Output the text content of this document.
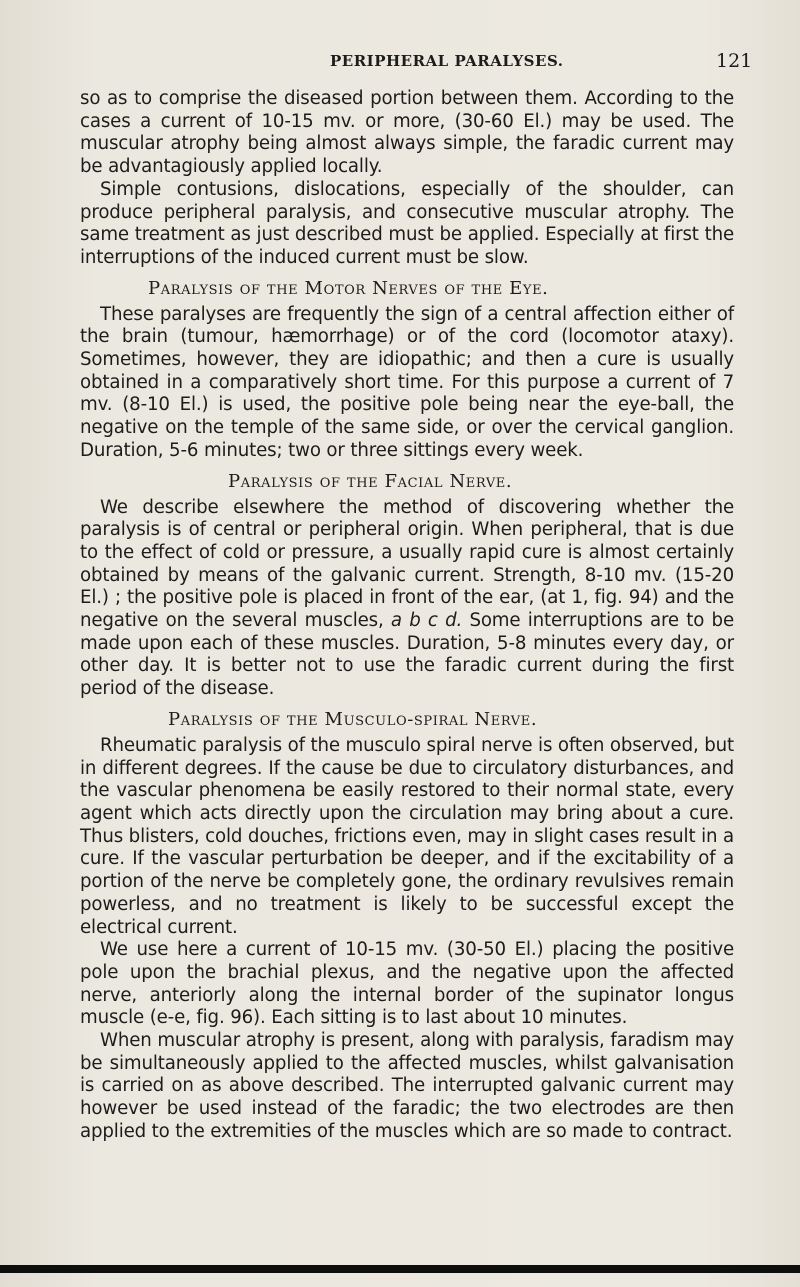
PERIPHERAL PARALYSES.	121

so as to comprise the diseased portion between them. According to the cases a current of 10-15 mv. or more, (30-60 El.) may be used. The muscular atrophy being almost always simple, the faradic current may be advantagiously applied locally.

Simple contusions, dislocations, especially of the shoulder, can produce peripheral paralysis, and consecutive muscular atrophy. The same treatment as just described must be applied. Especially at first the interruptions of the induced current must be slow.

Paralysis of the Motor Nerves of the Eye.

These paralyses are frequently the sign of a central affection either of the brain (tumour, hæmorrhage) or of the cord (locomotor ataxy). Sometimes, however, they are idiopathic; and then a cure is usually obtained in a comparatively short time. For this purpose a current of 7 mv. (8-10 El.) is used, the positive pole being near the eye-ball, the negative on the temple of the same side, or over the cervical ganglion. Duration, 5-6 minutes; two or three sittings every week.

Paralysis of the Facial Nerve.

We describe elsewhere the method of discovering whether the paralysis is of central or peripheral origin. When peripheral, that is due to the effect of cold or pressure, a usually rapid cure is almost certainly obtained by means of the galvanic current. Strength, 8-10 mv. (15-20 El.) ; the positive pole is placed in front of the ear, (at 1, fig. 94) and the negative on the several muscles, a b c d. Some interruptions are to be made upon each of these muscles. Duration, 5-8 minutes every day, or other day. It is better not to use the faradic current during the first period of the disease.

Paralysis of the Musculo-spiral Nerve.

Rheumatic paralysis of the musculo spiral nerve is often observed, but in different degrees. If the cause be due to circulatory disturbances, and the vascular phenomena be easily restored to their normal state, every agent which acts directly upon the circulation may bring about a cure. Thus blisters, cold douches, frictions even, may in slight cases result in a cure. If the vascular perturbation be deeper, and if the excitability of a portion of the nerve be completely gone, the ordinary revulsives remain powerless, and no treatment is likely to be successful except the electrical current.

We use here a current of 10-15 mv. (30-50 El.) placing the positive pole upon the brachial plexus, and the negative upon the affected nerve, anteriorly along the internal border of the supinator longus muscle (e-e, fig. 96). Each sitting is to last about 10 minutes.

When muscular atrophy is present, along with paralysis, faradism may be simultaneously applied to the affected muscles, whilst galvanisation is carried on as above described. The interrupted galvanic current may however be used instead of the faradic; the two electrodes are then applied to the extremities of the muscles which are so made to contract.
